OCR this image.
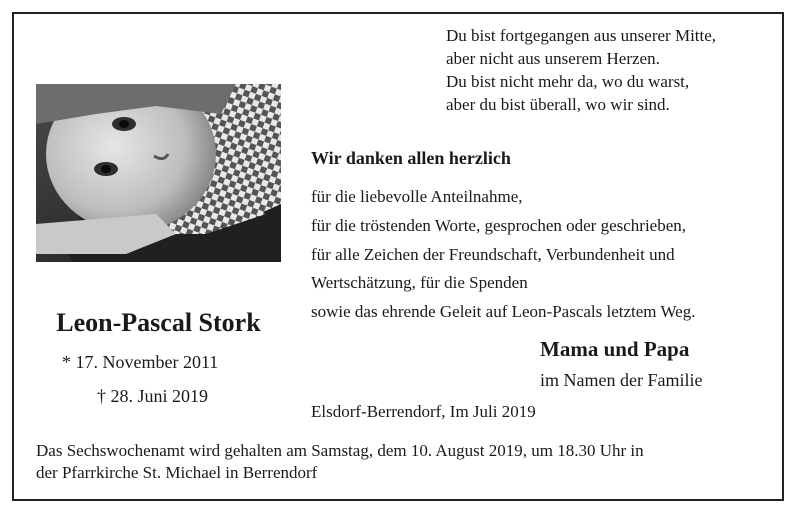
Du bist fortgegangen aus unserer Mitte,
aber nicht aus unserem Herzen.
Du bist nicht mehr da, wo du warst,
aber du bist überall, wo wir sind.
Leon-Pascal Stork
* 17. November 2011
† 28. Juni 2019
Wir danken allen herzlich
für die liebevolle Anteilnahme,
für die tröstenden Worte, gesprochen oder geschrieben,
für alle Zeichen der Freundschaft, Verbundenheit und
Wertschätzung, für die Spenden
sowie das ehrende Geleit auf Leon-Pascals letztem Weg.
Mama und Papa
im Namen der Familie
Elsdorf-Berrendorf, Im Juli 2019
Das Sechswochenamt wird gehalten am Samstag, dem 10. August 2019, um 18.30 Uhr in
der Pfarrkirche St. Michael in Berrendorf
